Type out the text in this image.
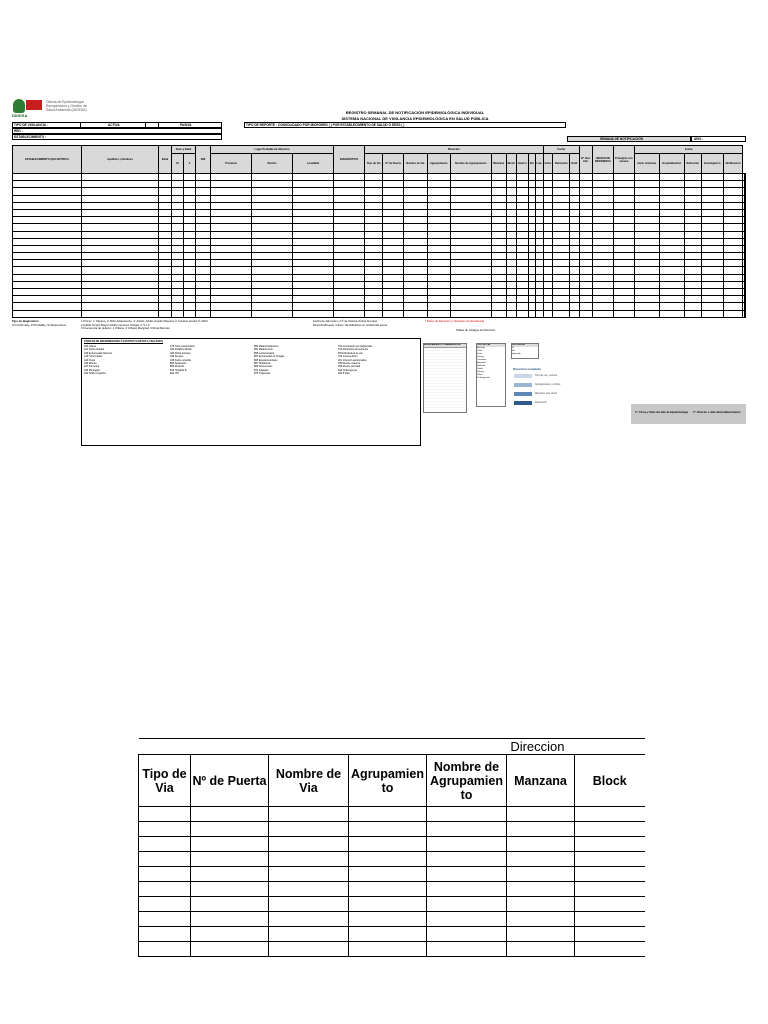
Oficina de Epidemiología
Recuperación y Gestión de
Salud Ambiental (DIGESA)
DIGESA
REGISTRO SEMANAL DE NOTIFICACIÓN EPIDEMIOLÓGICA INDIVIDUAL
SISTEMA NACIONAL DE VIGILANCIA EPIDEMIOLÓGICA EN SALUD PÚBLICA
TIPO DE VIGILANCIA :	ACTIVA	PASIVA
RED :
ESTABLECIMIENTO :
TIPO DE REPORTE : CONSOLIDADO POR MICRORED ( ) POR ESTABLECIMIENTO DE SALUD O EESS ( )
SEMANA DE NOTIFICACIÓN	AÑO :
ESTABLECIMIENTO QUE NOTIFICA	Apellidos y Nombres	Edad	Sexo y Edad		DNI	Lugar Probable de Infección			DIAGNÓSTICO	Dirección										Fecha			Nº Hist. Clín.	UBIGEO DE RESIDENCIA	Protegido con vacuna	Fecha						
			M	F		Provincia	Distrito	Localidad		Tipo de Vía	Nº de Puerta	Nombre de Vía	Agrupamiento	Nombre de Agrupamiento	Manzana	Block	Interior	Km	Lote	Inicio	Defunción	Notif.				Inicio síntomas	Hospitalización	Defunción	Investigación	Notificación		

Tipo de diagnóstico:
C=confirmado, P=Probable, S=Sospechoso
1 Primer: 1: Menino, 2: Niño Adolescente, 3: Adulto, Adulto Amplio Mayores 4: Anciano Amplio 5: ANCI
2 Adulto Amplio Mayor Adulto menores códigos 4, 5 o 6
3 Frecuencia de defecto: 1 Urbano, 2 Urbano Marginal, 3 Rural Remoto
Fecha de defunción y Nº de historia clínica del caso
Dirección/Puesto / Nivel / Identificación en unidad del sector
* Datos de Dirección y Ubicación de Residencia
Tablas de Códigos de Dirección
CÓDIGOS DE ENFERMEDADES O EVENTOS SUJETOS A VIGILANCIA
A00 Cólera
A01 Fiebre tifoidea
A09 Enfermedad diarreica
A15 Tuberculosis
A20 Peste
A36 Difteria
A37 Tos ferina
A39 Meningitis
A50 Sífilis congénita
A75 Tifus exantemático
A80 Parálisis flácida
A82 Rabia humana
A90 Dengue
A95 Fiebre amarilla
B05 Sarampión
B06 Rubéola
B16 Hepatitis B
B24 VIH
B50 Malaria falciparum
B51 Malaria vivax
B55 Leishmaniasis
B57 Enfermedad de Chagas
B65 Esquistosomiasis
B67 Hidatidosis
B69 Cisticercosis
B74 Filariasis
B75 Triquinosis
T60 Intoxicación por plaguicidas
T63 Mordedura de serpiente
W54 Mordedura de can
X20 Loxoscelismo
Z21 Infección asintomática
O95 Muerte materna
P96 Muerte perinatal
A92 Chikungunya
A92.8 Zika
AGRUPAMIENTO / URBANIZACIÓN	TIPO DE VÍA
Avenida
Calle
Jirón
Pasaje
Carretera
Alameda
Malecón
Ovalo
Parque
Plaza
Prolongación
PROTEGIDO
Si
No
Ignorado
Dirección completa
Tipo de vía y nombre
Agrupamiento y nombre
Manzana, lote, block
Referencia
V°. Firma y Sello del Jefe de Epidemiología V°. Director o Jefe del Establecimiento
Direccion						
Tipo de Via	Nº de Puerta	Nombre de Via	Agrupamien to	Nombre de Agrupamien to	Manzana	Block
